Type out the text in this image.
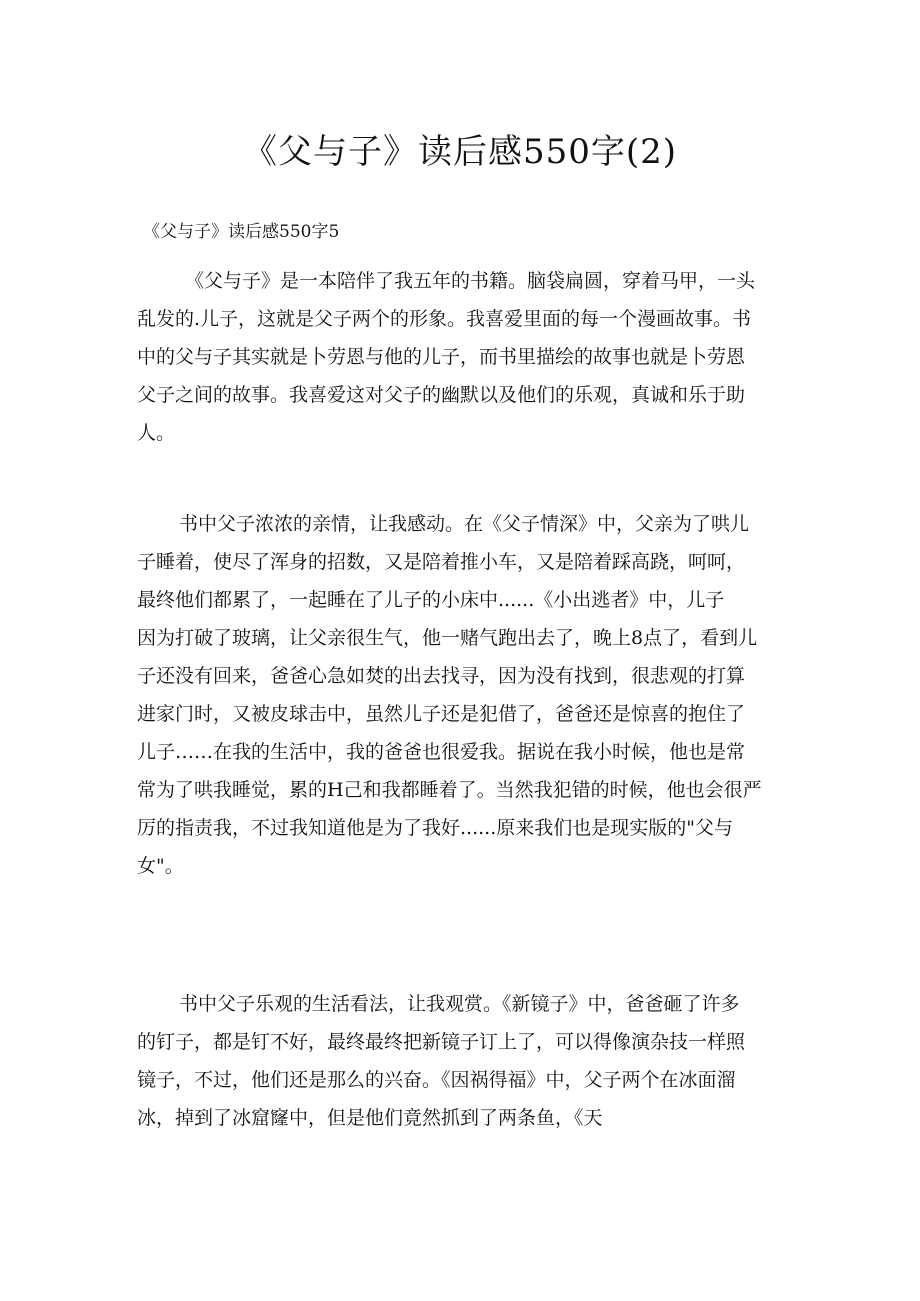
《父与子》读后感550字(2)
《父与子》读后感550字5
《父与子》是一本陪伴了我五年的书籍。脑袋扁圆，穿着马甲，一头
乱发的.儿子，这就是父子两个的形象。我喜爱里面的每一个漫画故事。书
中的父与子其实就是卜劳恩与他的儿子，而书里描绘的故事也就是卜劳恩
父子之间的故事。我喜爱这对父子的幽默以及他们的乐观，真诚和乐于助
人。
书中父子浓浓的亲情，让我感动。在《父子情深》中，父亲为了哄儿
子睡着，使尽了浑身的招数，又是陪着推小车，又是陪着踩高跷，呵呵，
最终他们都累了，一起睡在了儿子的小床中......《小出逃者》中，儿子
因为打破了玻璃，让父亲很生气，他一赌气跑出去了，晚上8点了，看到儿
子还没有回来，爸爸心急如焚的出去找寻，因为没有找到，很悲观的打算
进家门时，又被皮球击中，虽然儿子还是犯借了，爸爸还是惊喜的抱住了
儿子……在我的生活中，我的爸爸也很爱我。据说在我小时候，他也是常
常为了哄我睡觉，累的H己和我都睡着了。当然我犯错的时候，他也会很严
厉的指责我，不过我知道他是为了我好......原来我们也是现实版的"父与
女"。
书中父子乐观的生活看法，让我观赏。《新镜子》中，爸爸砸了许多
的钉子，都是钉不好，最终最终把新镜子订上了，可以得像演杂技一样照
镜子，不过，他们还是那么的兴奋。《因祸得福》中，父子两个在冰面溜
冰，掉到了冰窟窿中，但是他们竟然抓到了两条鱼，《天
